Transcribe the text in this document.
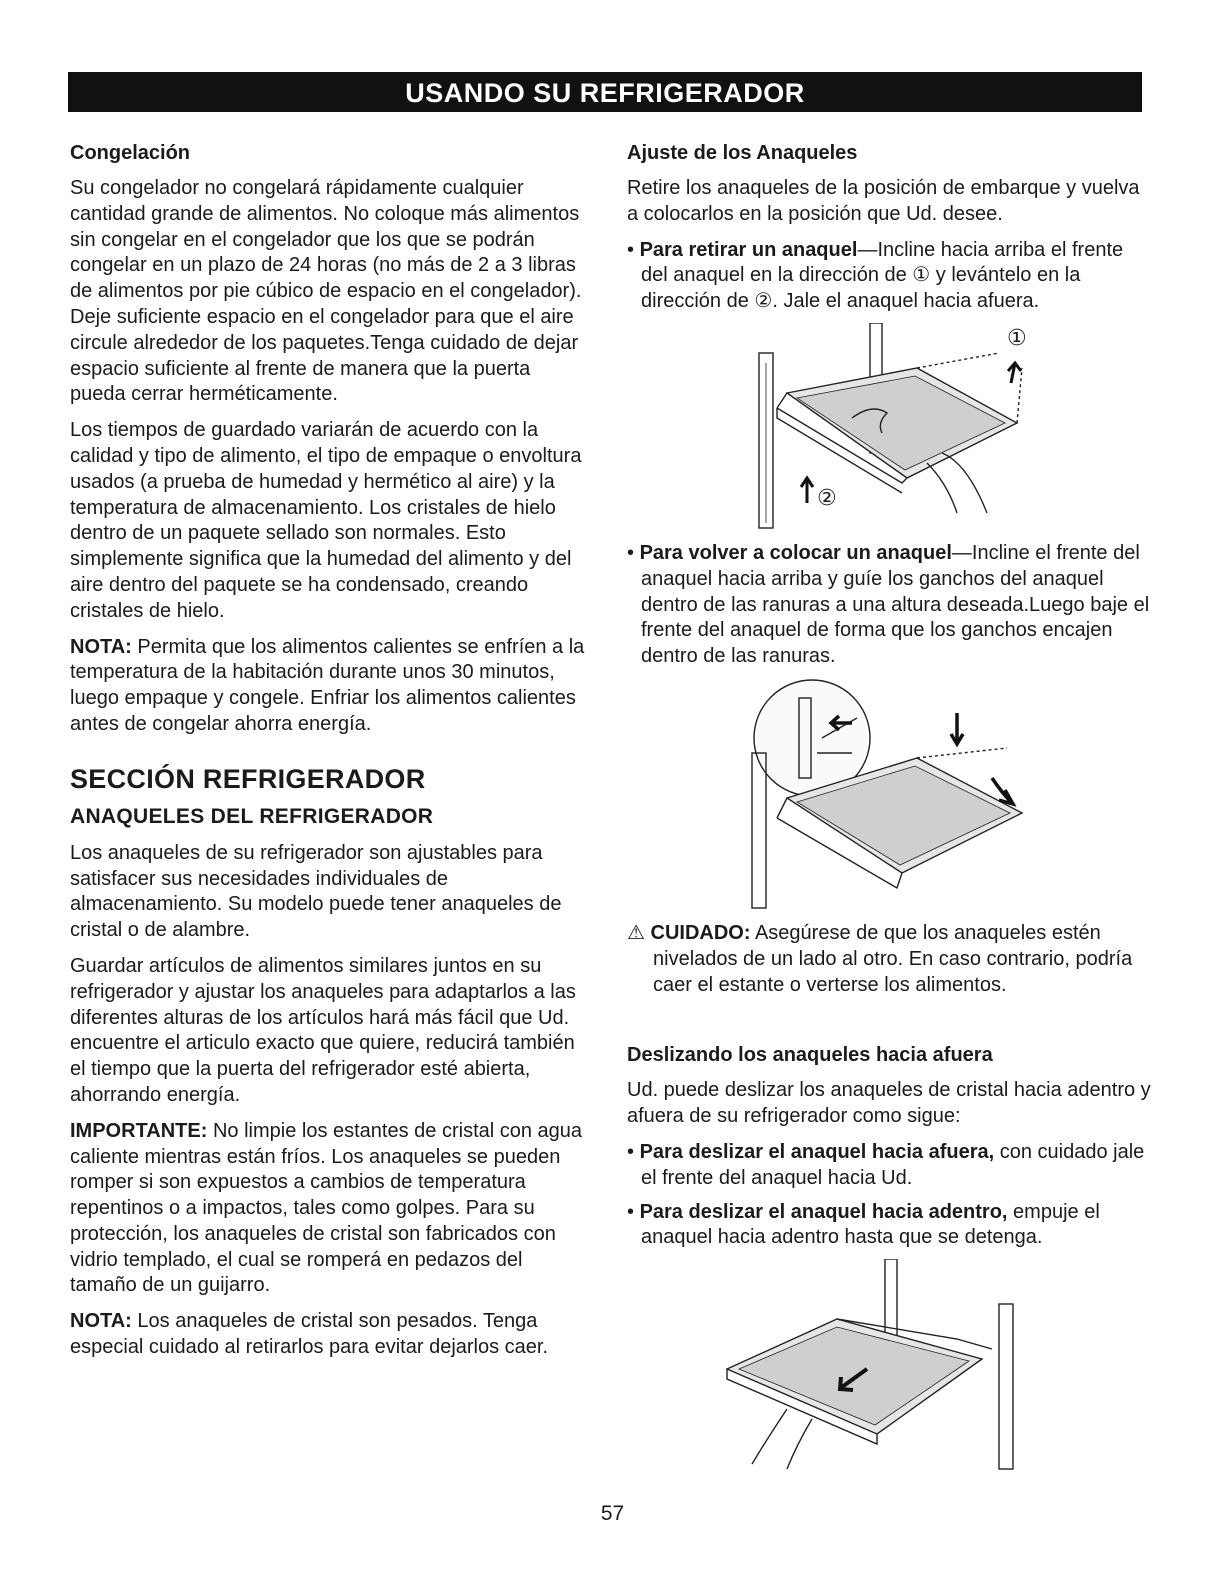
USANDO SU REFRIGERADOR
Congelación

Su congelador no congelará rápidamente cualquier cantidad grande de alimentos. No coloque más alimentos sin congelar en el congelador que los que se podrán congelar en un plazo de 24 horas (no más de 2 a 3 libras de alimentos por pie cúbico de espacio en el congelador). Deje suficiente espacio en el congelador para que el aire circule alrededor de los paquetes.Tenga cuidado de dejar espacio suficiente al frente de manera que la puerta pueda cerrar herméticamente.

Los tiempos de guardado variarán de acuerdo con la calidad y tipo de alimento, el tipo de empaque o envoltura usados (a prueba de humedad y hermético al aire) y la temperatura de almacenamiento. Los cristales de hielo dentro de un paquete sellado son normales. Esto simplemente significa que la humedad del alimento y del aire dentro del paquete se ha condensado, creando cristales de hielo.

NOTA: Permita que los alimentos calientes se enfríen a la temperatura de la habitación durante unos 30 minutos, luego empaque y congele. Enfriar los alimentos calientes antes de congelar ahorra energía.

SECCIÓN REFRIGERADOR
ANAQUELES DEL REFRIGERADOR

Los anaqueles de su refrigerador son ajustables para satisfacer sus necesidades individuales de almacenamiento. Su modelo puede tener anaqueles de cristal o de alambre.

Guardar artículos de alimentos similares juntos en su refrigerador y ajustar los anaqueles para adaptarlos a las diferentes alturas de los artículos hará más fácil que Ud. encuentre el articulo exacto que quiere, reducirá también el tiempo que la puerta del refrigerador esté abierta, ahorrando energía.

IMPORTANTE: No limpie los estantes de cristal con agua caliente mientras están fríos. Los anaqueles se pueden romper si son expuestos a cambios de temperatura repentinos o a impactos, tales como golpes. Para su protección, los anaqueles de cristal son fabricados con vidrio templado, el cual se romperá en pedazos del tamaño de un guijarro.

NOTA: Los anaqueles de cristal son pesados. Tenga especial cuidado al retirarlos para evitar dejarlos caer.

Ajuste de los Anaqueles

Retire los anaqueles de la posición de embarque y vuelva a colocarlos en la posición que Ud. desee.

• Para retirar un anaquel—Incline hacia arriba el frente del anaquel en la dirección de ① y levántelo en la dirección de ②. Jale el anaquel hacia afuera.

①
②

• Para volver a colocar un anaquel—Incline el frente del anaquel hacia arriba y guíe los ganchos del anaquel dentro de las ranuras a una altura deseada.Luego baje el frente del anaquel de forma que los ganchos encajen dentro de las ranuras.

⚠ CUIDADO: Asegúrese de que los anaqueles estén nivelados de un lado al otro. En caso contrario, podría caer el estante o verterse los alimentos.

Deslizando los anaqueles hacia afuera

Ud. puede deslizar los anaqueles de cristal hacia adentro y afuera de su refrigerador como sigue:

• Para deslizar el anaquel hacia afuera, con cuidado jale el frente del anaquel hacia Ud.

• Para deslizar el anaquel hacia adentro, empuje el anaquel hacia adentro hasta que se detenga.

57
